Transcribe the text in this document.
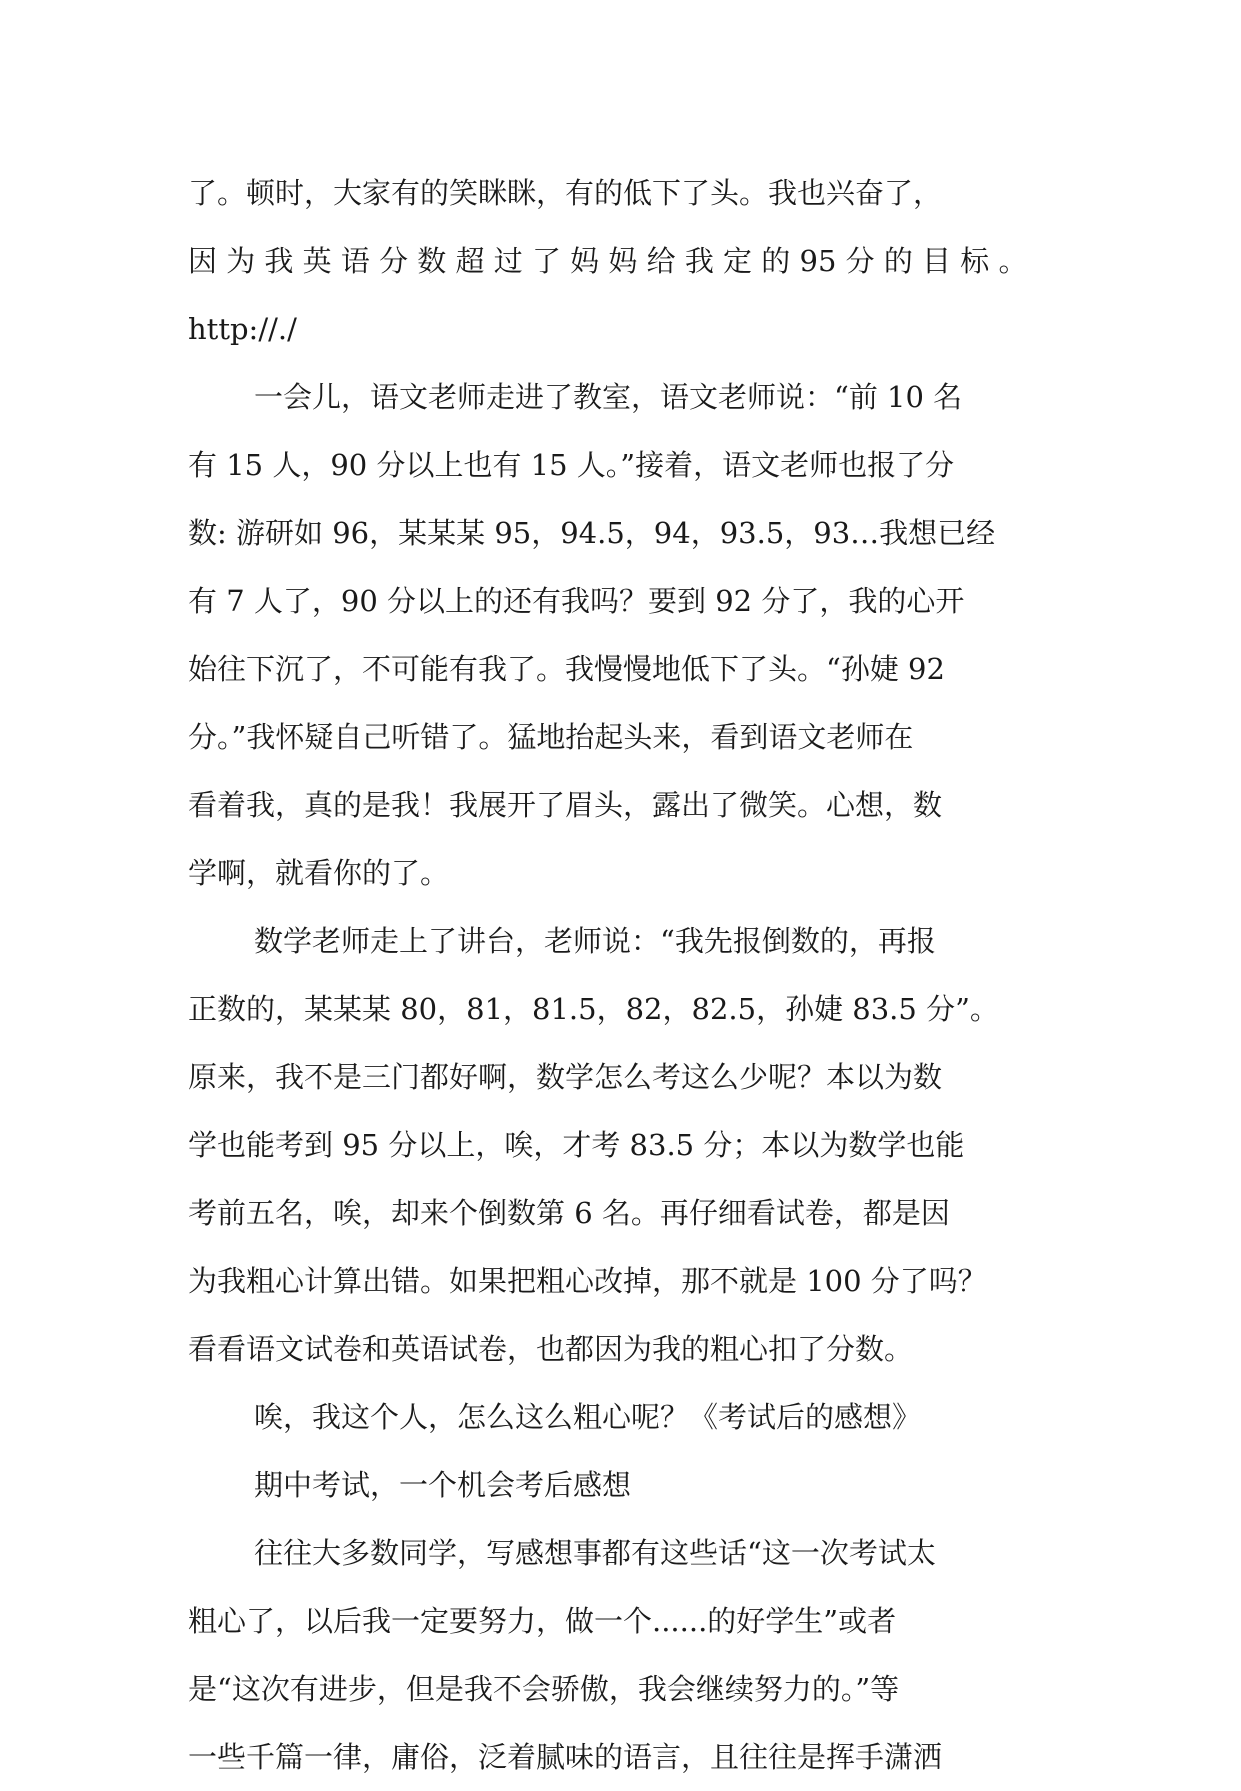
了。顿时，大家有的笑眯眯，有的低下了头。我也兴奋了，
因 为 我 英 语 分 数 超 过 了 妈 妈 给 我 定 的 95 分 的 目 标 。
http://./
一会儿，语文老师走进了教室，语文老师说：“前 10 名
有 15 人，90 分以上也有 15 人。”接着，语文老师也报了分
数: 游研如 96，某某某 95，94.5，94，93.5，93…我想已经
有 7 人了，90 分以上的还有我吗？要到 92 分了，我的心开
始往下沉了，不可能有我了。我慢慢地低下了头。“孙婕 92
分。”我怀疑自己听错了。猛地抬起头来，看到语文老师在
看着我，真的是我！我展开了眉头，露出了微笑。心想，数
学啊，就看你的了。
数学老师走上了讲台，老师说：“我先报倒数的，再报
正数的，某某某 80，81，81.5，82，82.5，孙婕 83.5 分”。
原来，我不是三门都好啊，数学怎么考这么少呢？本以为数
学也能考到 95 分以上，唉，才考 83.5 分；本以为数学也能
考前五名，唉，却来个倒数第 6 名。再仔细看试卷，都是因
为我粗心计算出错。如果把粗心改掉，那不就是 100 分了吗？
看看语文试卷和英语试卷，也都因为我的粗心扣了分数。
唉，我这个人，怎么这么粗心呢？《考试后的感想》
期中考试，一个机会考后感想
往往大多数同学，写感想事都有这些话“这一次考试太
粗心了，以后我一定要努力，做一个......的好学生”或者
是“这次有进步，但是我不会骄傲，我会继续努力的。”等
一些千篇一律，庸俗，泛着腻味的语言，且往往是挥手潇洒
